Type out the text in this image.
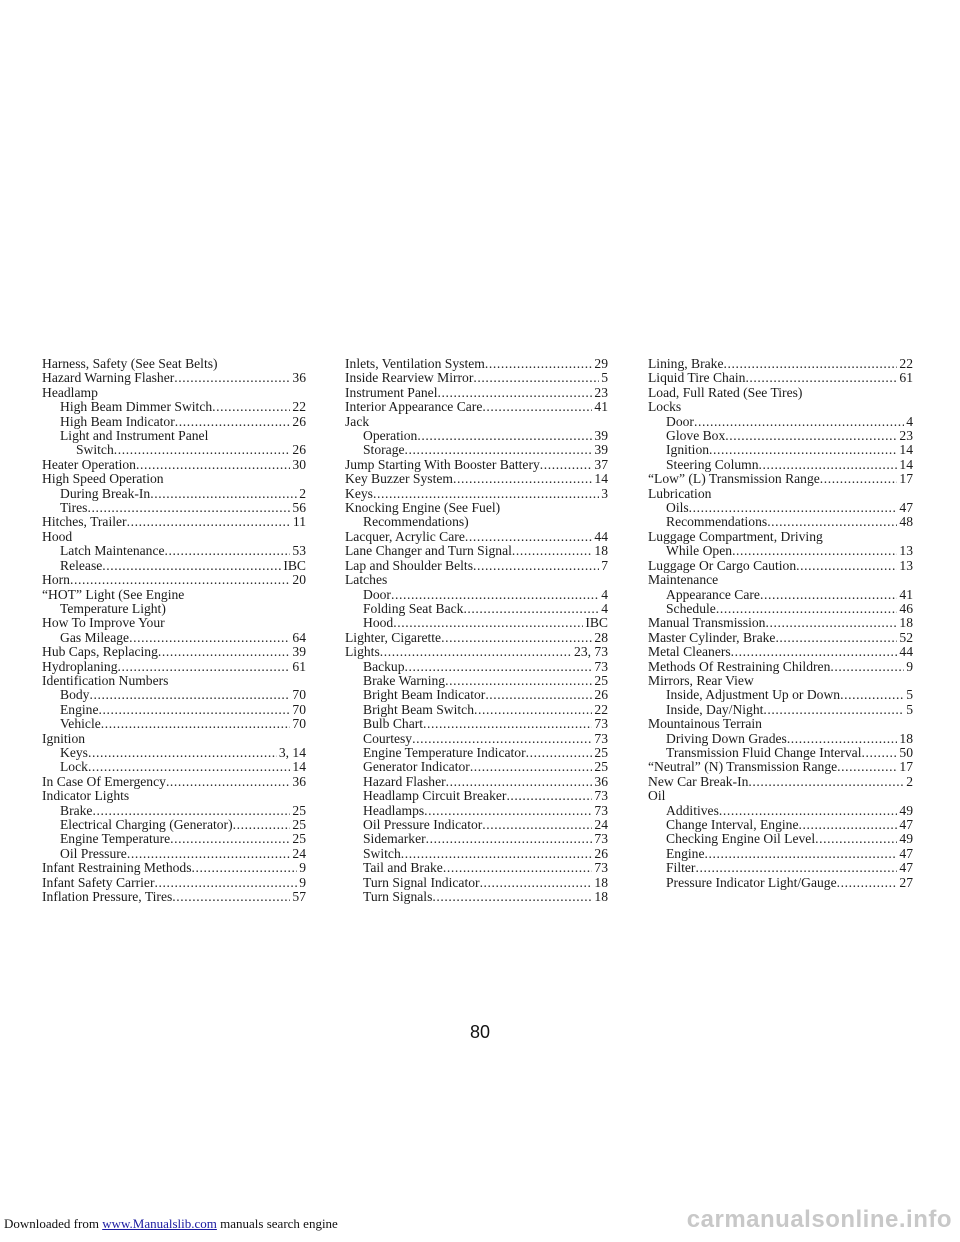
Downloaded from www.Manualslib.com manuals search engine
Harness, Safety (See Seat Belts)
Hazard Warning Flasher . . .	36
Headlamp
High Beam Dimmer Switch . . .	22
High Beam Indicator . . .	26
Light and Instrument Panel
Switch . . .	26
Heater Operation . . .	30
High Speed Operation
During Break-In . . .	2
Tires . . .	56
Hitches, Trailer . . .	11
Hood
Latch Maintenance . . .	53
Release . . .	IBC
Horn . . .	20
“HOT” Light (See Engine
Temperature Light)
How To Improve Your
Gas Mileage . . .	64
Hub Caps, Replacing . . .	39
Hydroplaning . . .	61
Identification Numbers
Body . . .	70
Engine . . .	70
Vehicle . . .	70
Ignition
Keys . . .	3, 14
Lock . . .	14
In Case Of Emergency . . .	36
Indicator Lights
Brake . . .	25
Electrical Charging (Generator) . . .	25
Engine Temperature . . .	25
Oil Pressure . . .	24
Infant Restraining Methods . . .	9
Infant Safety Carrier . . .	9
Inflation Pressure, Tires . . .	57
Inlets, Ventilation System . . .	29
Inside Rearview Mirror . . .	5
Instrument Panel . . .	23
Interior Appearance Care . . .	41
Jack
Operation . . .	39
Storage . . .	39
Jump Starting With Booster Battery . . .	37
Key Buzzer System . . .	14
Keys . . .	3
Knocking Engine (See Fuel)
Recommendations)
Lacquer, Acrylic Care . . .	44
Lane Changer and Turn Signal . . .	18
Lap and Shoulder Belts . . .	7
Latches
Door . . .	4
Folding Seat Back . . .	4
Hood . . .	IBC
Lighter, Cigarette . . .	28
Lights . . .	23, 73
Backup . . .	73
Brake Warning . . .	25
Bright Beam Indicator . . .	26
Bright Beam Switch . . .	22
Bulb Chart . . .	73
Courtesy . . .	73
Engine Temperature Indicator . . .	25
Generator Indicator . . .	25
Hazard Flasher . . .	36
Headlamp Circuit Breaker . . .	73
Headlamps . . .	73
Oil Pressure Indicator . . .	24
Sidemarker . . .	73
Switch . . .	26
Tail and Brake . . .	73
Turn Signal Indicator . . .	18
Turn Signals . . .	18
Lining, Brake . . .	22
Liquid Tire Chain . . .	61
Load, Full Rated (See Tires)
Locks
Door . . .	4
Glove Box . . .	23
Ignition . . .	14
Steering Column . . .	14
“Low” (L) Transmission Range . . .	17
Lubrication
Oils . . .	47
Recommendations . . .	48
Luggage Compartment, Driving
While Open . . .	13
Luggage Or Cargo Caution . . .	13
Maintenance
Appearance Care . . .	41
Schedule . . .	46
Manual Transmission . . .	18
Master Cylinder, Brake . . .	52
Metal Cleaners . . .	44
Methods Of Restraining Children . . .	9
Mirrors, Rear View
Inside, Adjustment Up or Down . . .	5
Inside, Day/Night . . .	5
Mountainous Terrain
Driving Down Grades . . .	18
Transmission Fluid Change Interval . . .	50
“Neutral” (N) Transmission Range . . .	17
New Car Break-In . . .	2
Oil
Additives . . .	49
Change Interval, Engine . . .	47
Checking Engine Oil Level . . .	49
Engine . . .	47
Filter . . .	47
Pressure Indicator Light/Gauge . . .	27
80
carmanualsonline.info
